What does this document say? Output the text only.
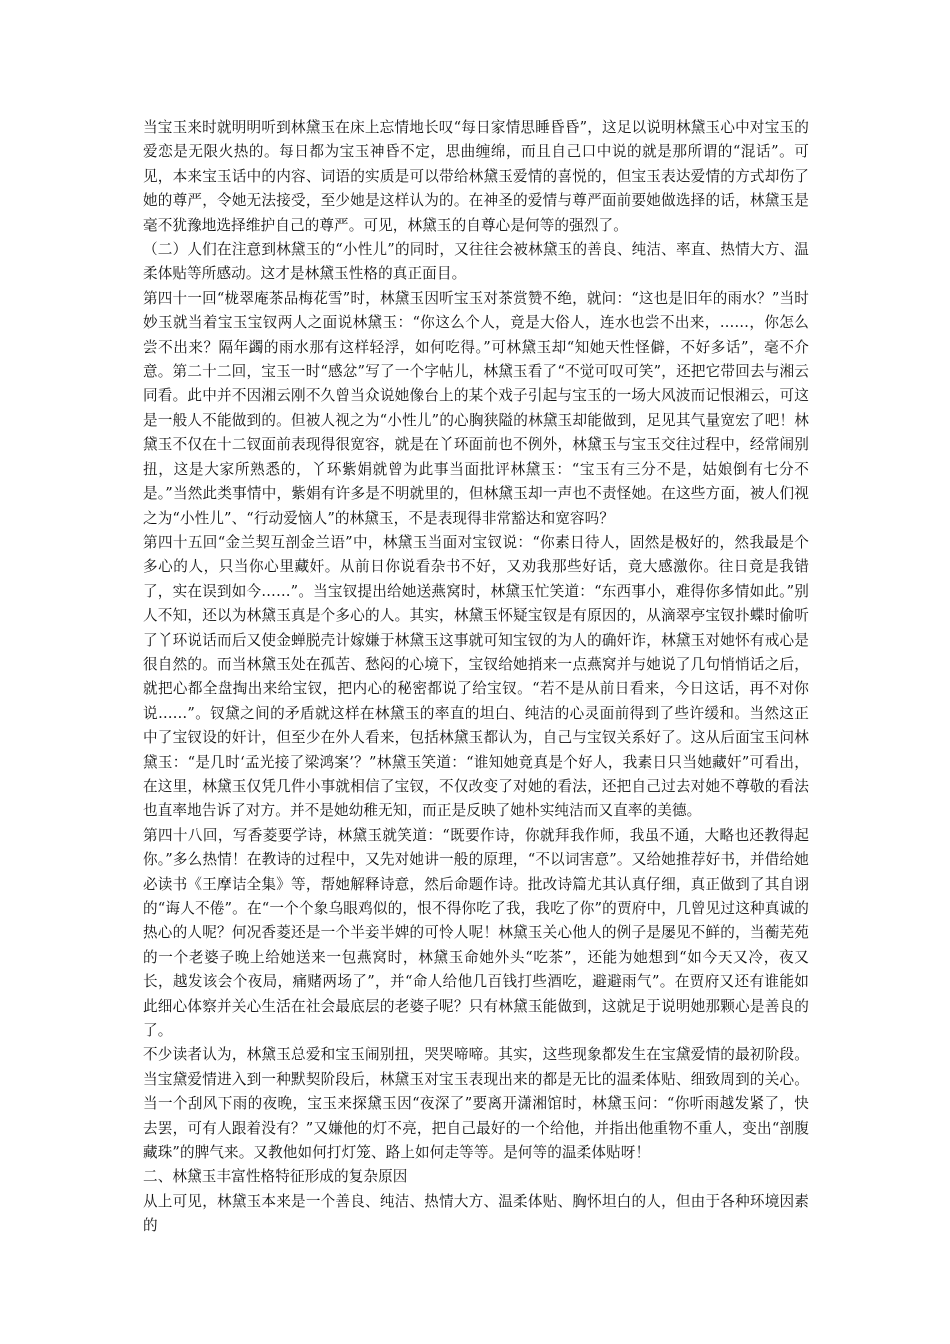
当宝玉来时就明明听到林黛玉在床上忘情地长叹“每日家情思睡昏昏”，这足以说明林黛玉心中对宝玉的爱恋是无限火热的。每日都为宝玉神昏不定，思曲缠绵，而且自己口中说的就是那所谓的“混话”。可见，本来宝玉话中的内容、词语的实质是可以带给林黛玉爱情的喜悦的，但宝玉表达爱情的方式却伤了她的尊严，令她无法接受，至少她是这样认为的。在神圣的爱情与尊严面前要她做选择的话，林黛玉是毫不犹豫地选择维护自己的尊严。可见，林黛玉的自尊心是何等的强烈了。

（二）人们在注意到林黛玉的“小性儿”的同时，又往往会被林黛玉的善良、纯洁、率直、热情大方、温柔体贴等所感动。这才是林黛玉性格的真正面目。

第四十一回“栊翠庵茶品梅花雪”时，林黛玉因听宝玉对茶赏赞不绝，就问：“这也是旧年的雨水？”当时妙玉就当着宝玉宝钗两人之面说林黛玉：“你这么个人，竟是大俗人，连水也尝不出来，……，你怎么尝不出来？隔年蠲的雨水那有这样轻浮，如何吃得。”可林黛玉却“知她天性怪僻，不好多话”，毫不介意。第二十二回，宝玉一时“感忿”写了一个字帖儿，林黛玉看了“不觉可叹可笑”，还把它带回去与湘云同看。此中并不因湘云刚不久曾当众说她像台上的某个戏子引起与宝玉的一场大风波而记恨湘云，可这是一般人不能做到的。但被人视之为“小性儿”的心胸狭隘的林黛玉却能做到，足见其气量宽宏了吧！林黛玉不仅在十二钗面前表现得很宽容，就是在丫环面前也不例外，林黛玉与宝玉交往过程中，经常闹别扭，这是大家所熟悉的，丫环紫娟就曾为此事当面批评林黛玉：“宝玉有三分不是，姑娘倒有七分不是。”当然此类事情中，紫娟有许多是不明就里的，但林黛玉却一声也不责怪她。在这些方面，被人们视之为“小性儿”、“行动爱恼人”的林黛玉，不是表现得非常豁达和宽容吗？

第四十五回“金兰契互剖金兰语”中，林黛玉当面对宝钗说：“你素日待人，固然是极好的，然我最是个多心的人，只当你心里藏奸。从前日你说看杂书不好，又劝我那些好话，竟大感激你。往日竟是我错了，实在误到如今……”。当宝钗提出给她送燕窝时，林黛玉忙笑道：“东西事小，难得你多情如此。”别人不知，还以为林黛玉真是个多心的人。其实，林黛玉怀疑宝钗是有原因的，从滴翠亭宝钗扑蝶时偷听了丫环说话而后又使金蝉脱壳计嫁嫌于林黛玉这事就可知宝钗的为人的确奸诈，林黛玉对她怀有戒心是很自然的。而当林黛玉处在孤苦、愁闷的心境下，宝钗给她捎来一点燕窝并与她说了几句悄悄话之后，就把心都全盘掏出来给宝钗，把内心的秘密都说了给宝钗。“若不是从前日看来，今日这话，再不对你说……”。钗黛之间的矛盾就这样在林黛玉的率直的坦白、纯洁的心灵面前得到了些许缓和。当然这正中了宝钗设的奸计，但至少在外人看来，包括林黛玉都认为，自己与宝钗关系好了。这从后面宝玉问林黛玉：“是几时‘孟光接了梁鸿案’？”林黛玉笑道：“谁知她竟真是个好人，我素日只当她藏奸”可看出，在这里，林黛玉仅凭几件小事就相信了宝钗，不仅改变了对她的看法，还把自己过去对她不尊敬的看法也直率地告诉了对方。并不是她幼稚无知，而正是反映了她朴实纯洁而又直率的美德。

第四十八回，写香菱要学诗，林黛玉就笑道：“既要作诗，你就拜我作师，我虽不通，大略也还教得起你。”多么热情！在教诗的过程中，又先对她讲一般的原理，“不以词害意”。又给她推荐好书，并借给她必读书《王摩诘全集》等，帮她解释诗意，然后命题作诗。批改诗篇尤其认真仔细，真正做到了其自诩的“诲人不倦”。在“一个个象乌眼鸡似的，恨不得你吃了我，我吃了你”的贾府中，几曾见过这种真诚的热心的人呢？何况香菱还是一个半妾半婢的可怜人呢！林黛玉关心他人的例子是屡见不鲜的，当蘅芜苑的一个老婆子晚上给她送来一包燕窝时，林黛玉命她外头“吃茶”，还能为她想到“如今天又冷，夜又长，越发该会个夜局，痛赌两场了”，并“命人给他几百钱打些酒吃，避避雨气”。在贾府又还有谁能如此细心体察并关心生活在社会最底层的老婆子呢？只有林黛玉能做到，这就足于说明她那颗心是善良的了。

不少读者认为，林黛玉总爱和宝玉闹别扭，哭哭啼啼。其实，这些现象都发生在宝黛爱情的最初阶段。当宝黛爱情进入到一种默契阶段后，林黛玉对宝玉表现出来的都是无比的温柔体贴、细致周到的关心。当一个刮风下雨的夜晚，宝玉来探黛玉因“夜深了”要离开潇湘馆时，林黛玉问：“你听雨越发紧了，快去罢，可有人跟着没有？”又嫌他的灯不亮，把自己最好的一个给他，并指出他重物不重人，变出“剖腹藏珠”的脾气来。又教他如何打灯笼、路上如何走等等。是何等的温柔体贴呀！

二、林黛玉丰富性格特征形成的复杂原因

从上可见，林黛玉本来是一个善良、纯洁、热情大方、温柔体贴、胸怀坦白的人，但由于各种环境因素的
